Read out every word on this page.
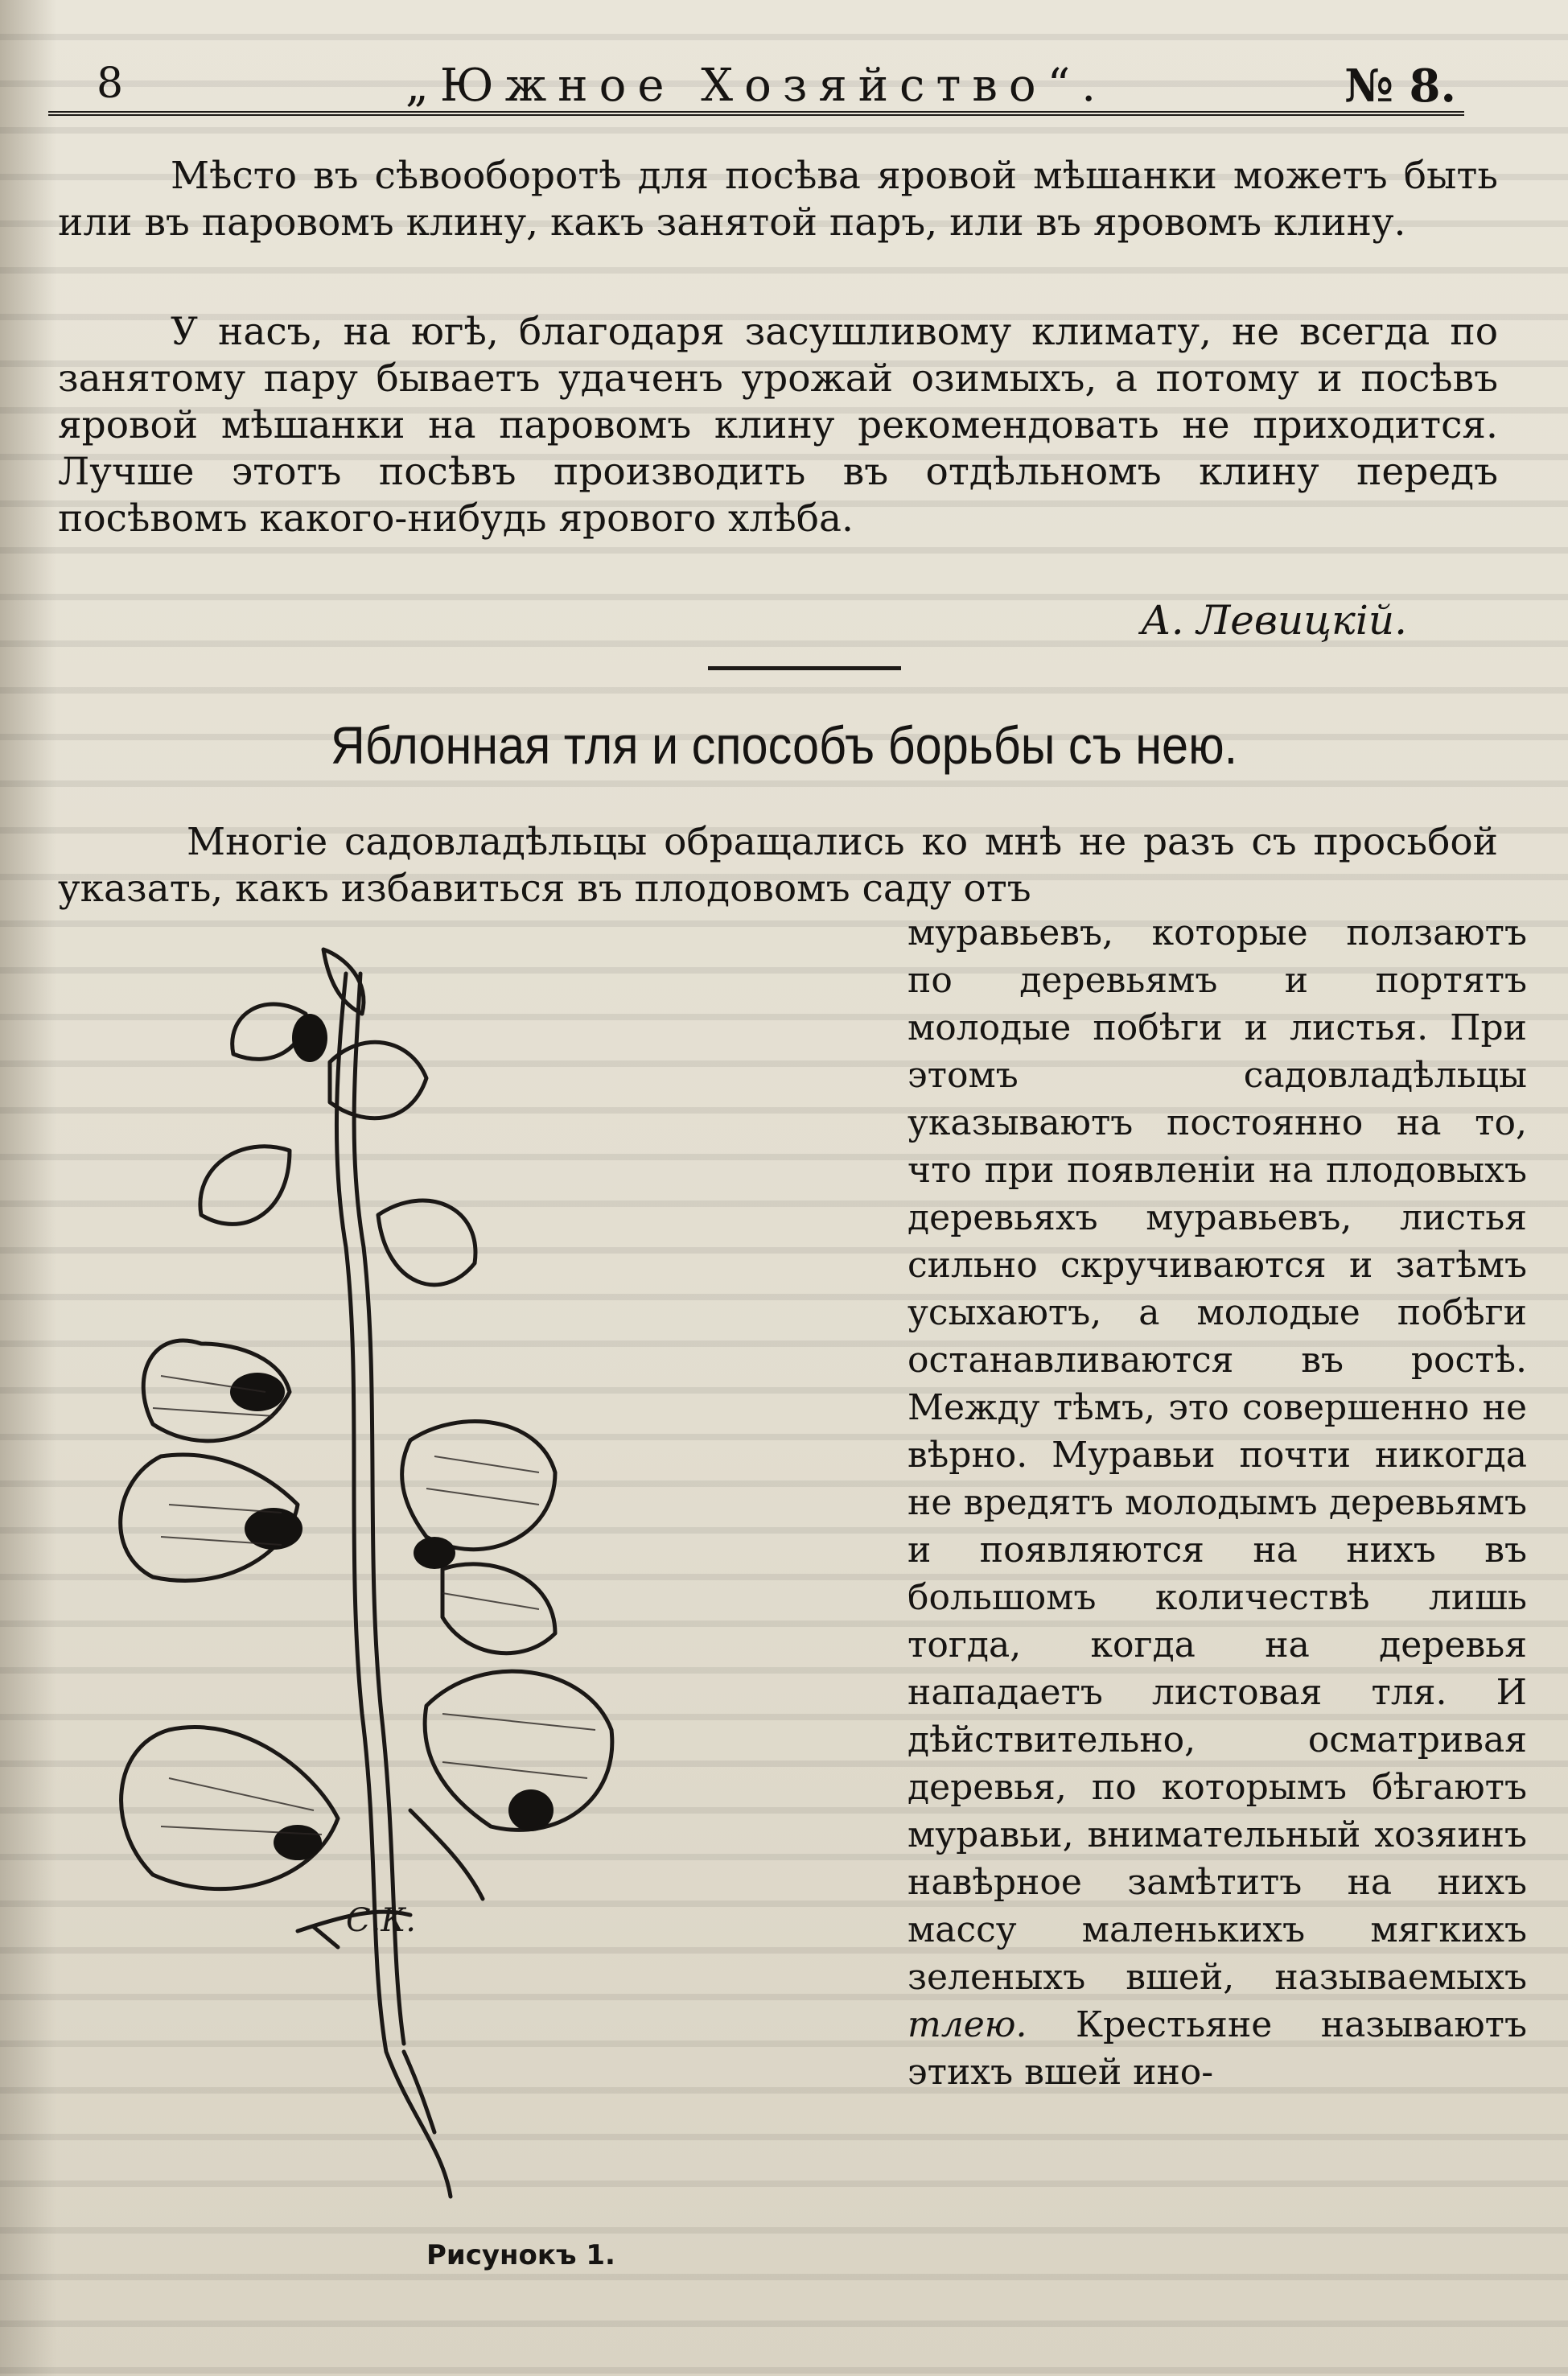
8	„Южное Хозяйство“.	№ 8.

Мѣсто въ сѣвооборотѣ для посѣва яровой мѣшанки можетъ быть или въ паровомъ клину, какъ занятой паръ, или въ яровомъ клину.

У насъ, на югѣ, благодаря засушливому климату, не всегда по занятому пару бываетъ удаченъ урожай озимыхъ, а потому и посѣвъ яровой мѣшанки на паровомъ клину рекомендовать не приходится. Лучше этотъ посѣвъ производить въ отдѣльномъ клину передъ посѣвомъ какого-нибудь ярового хлѣба.

А. Левицкій.
Яблонная тля и способъ борьбы съ нею.

Многіе садовладѣльцы обращались ко мнѣ не разъ съ просьбой указать, какъ избавиться въ плодовомъ саду отъ

муравьевъ, которые ползаютъ по деревьямъ и портятъ молодые побѣги и листья. При этомъ садовладѣльцы указываютъ постоянно на то, что при появленіи на плодовыхъ деревьяхъ муравьевъ, листья сильно скручиваются и затѣмъ усыхаютъ, а молодые побѣги останавливаются въ ростѣ. Между тѣмъ, это совершенно не вѣрно. Муравьи почти никогда не вредятъ молодымъ деревьямъ и появляются на нихъ въ большомъ количествѣ лишь тогда, когда на деревья нападаетъ листовая тля. И дѣйствительно, осматривая деревья, по которымъ бѣгаютъ муравьи, внимательный хозяинъ навѣрное замѣтитъ на нихъ массу маленькихъ мягкихъ зеленыхъ вшей, называемыхъ тлею. Крестьяне называютъ этихъ вшей ино-

С.К.
Рисунокъ 1.
